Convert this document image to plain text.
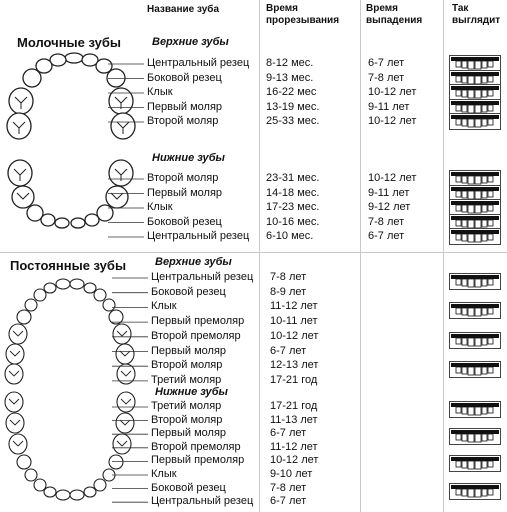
Название зуба	Время
прорезывания
Время
выпадения
Так
выглядит
Молочные зубы	Верхние зубы
Нижние зубы
Постоянные зубы	Верхние зубы
Нижние зубы
Центральный резец 8-12 мес.	6-7 лет
Боковой резец	9-13 мес.	7-8 лет
Клык	16-22 мес	10-12 лет
Первый моляр	13-19 мес.	9-11 лет
Второй моляр	25-33 мес.	10-12 лет
Второй моляр	23-31 мес.	10-12 лет
Первый моляр	14-18 мес.	9-11 лет
Клык	17-23 мес.	9-12 лет
Боковой резец	10-16 мес.	7-8 лет
Центральный резец 6-10 мес.	6-7 лет
Центральный резец 7-8 лет
Боковой резец	8-9 лет
Клык	11-12 лет
Первый премоляр 10-11 лет
Второй премоляр	10-12 лет
Первый моляр	6-7 лет
Второй моляр	12-13 лет
Третий моляр	17-21 год
Третий моляр	17-21 год
Второй моляр	11-13 лет
Первый моляр	6-7 лет
Второй премоляр	11-12 лет
Первый премоляр 10-12 лет
Клык	9-10 лет
Боковой резец	7-8 лет
Центральный резец 6-7 лет
